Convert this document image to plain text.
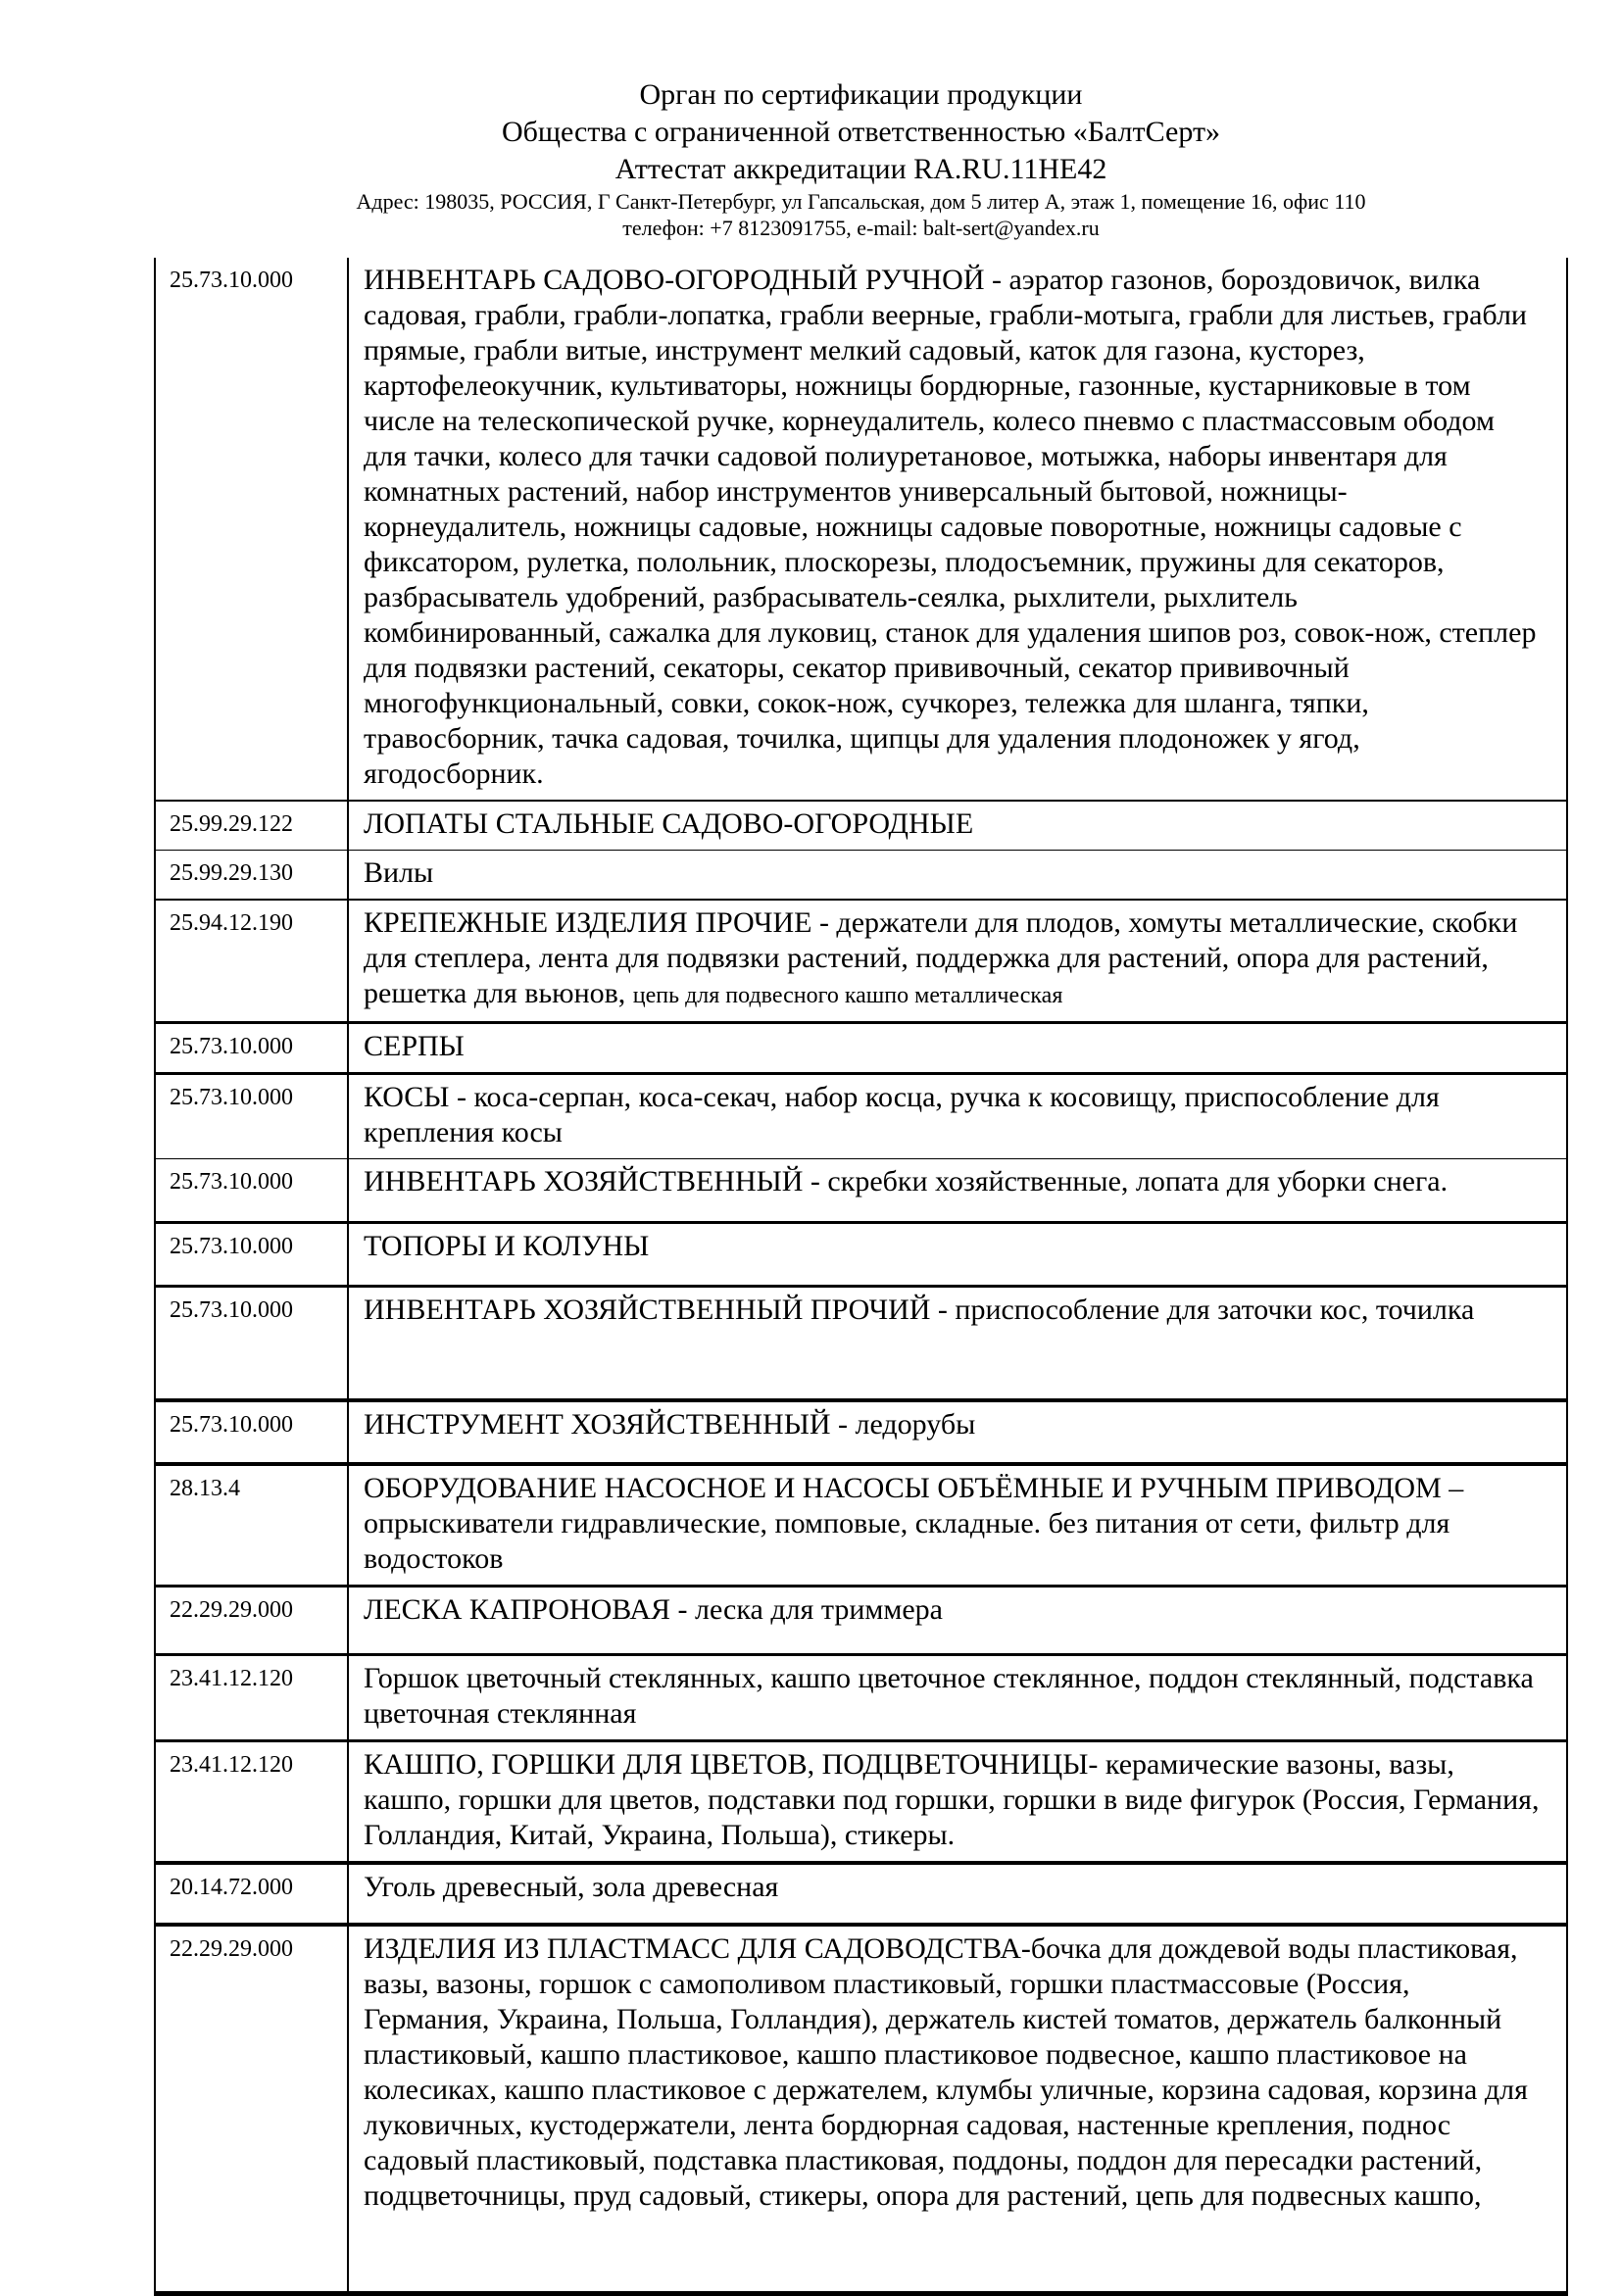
Орган по сертификации продукции
Общества с ограниченной ответственностью «БалтСерт»
Аттестат аккредитации RA.RU.11HE42
Адрес: 198035, РОССИЯ, Г Санкт-Петербург, ул Гапсальская, дом 5 литер А, этаж 1, помещение 16, офис 110
телефон: +7 8123091755, e-mail: balt-sert@yandex.ru
25.73.10.000	ИНВЕНТАРЬ САДОВО-ОГОРОДНЫЙ РУЧНОЙ - аэратор газонов, бороздовичок, вилка садовая, грабли, грабли-лопатка, грабли веерные, грабли-мотыга, грабли для листьев, грабли прямые, грабли витые, инструмент мелкий садовый, каток для газона, кусторез, картофелеокучник, культиваторы, ножницы бордюрные, газонные, кустарниковые в том числе на телескопической ручке, корнеудалитель, колесо пневмо с пластмассовым ободом для тачки, колесо для тачки садовой полиуретановое, мотыжка, наборы инвентаря для комнатных растений, набор инструментов универсальный бытовой, ножницы-корнеудалитель, ножницы садовые, ножницы садовые поворотные, ножницы садовые с фиксатором, рулетка, полольник, плоскорезы, плодосъемник, пружины для секаторов, разбрасыватель удобрений, разбрасыватель-сеялка, рыхлители, рыхлитель комбинированный, сажалка для луковиц, станок для удаления шипов роз, совок-нож, степлер для подвязки растений, секаторы, секатор прививочный, секатор прививочный многофункциональный, совки, сокок-нож, сучкорез, тележка для шланга, тяпки, травосборник, тачка садовая, точилка, щипцы для удаления плодоножек у ягод, ягодосборник.
25.99.29.122	ЛОПАТЫ СТАЛЬНЫЕ САДОВО-ОГОРОДНЫЕ
25.99.29.130	Вилы
25.94.12.190	КРЕПЕЖНЫЕ ИЗДЕЛИЯ ПРОЧИЕ - держатели для плодов, хомуты металлические, скобки для степлера, лента для подвязки растений, поддержка для растений, опора для растений, решетка для вьюнов, цепь для подвесного кашпо металлическая
25.73.10.000	СЕРПЫ
25.73.10.000	КОСЫ - коса-серпан, коса-секач, набор косца, ручка к косовищу, приспособление для крепления косы
25.73.10.000	ИНВЕНТАРЬ ХОЗЯЙСТВЕННЫЙ - скребки хозяйственные, лопата для уборки снега.
25.73.10.000	ТОПОРЫ И КОЛУНЫ
25.73.10.000	ИНВЕНТАРЬ ХОЗЯЙСТВЕННЫЙ ПРОЧИЙ - приспособление для заточки кос, точилка
25.73.10.000	ИНСТРУМЕНТ ХОЗЯЙСТВЕННЫЙ - ледорубы
28.13.4	ОБОРУДОВАНИЕ НАСОСНОЕ И НАСОСЫ ОБЪЁМНЫЕ И РУЧНЫМ ПРИВОДОМ – опрыскиватели гидравлические, помповые, складные. без питания от сети, фильтр для водостоков
22.29.29.000	ЛЕСКА КАПРОНОВАЯ - леска для триммера
23.41.12.120	Горшок цветочный стеклянных, кашпо цветочное стеклянное, поддон стеклянный, подставка цветочная стеклянная
23.41.12.120	КАШПО, ГОРШКИ ДЛЯ ЦВЕТОВ, ПОДЦВЕТОЧНИЦЫ- керамические вазоны, вазы, кашпо, горшки для цветов, подставки под горшки, горшки в виде фигурок (Россия, Германия, Голландия, Китай, Украина, Польша), стикеры.
20.14.72.000	Уголь древесный, зола древесная
22.29.29.000	ИЗДЕЛИЯ ИЗ ПЛАСТМАСС ДЛЯ САДОВОДСТВА-бочка для дождевой воды пластиковая, вазы, вазоны, горшок с самополивом пластиковый, горшки пластмассовые (Россия, Германия, Украина, Польша, Голландия), держатель кистей томатов, держатель балконный пластиковый, кашпо пластиковое, кашпо пластиковое подвесное, кашпо пластиковое на колесиках, кашпо пластиковое с держателем, клумбы уличные, корзина садовая, корзина для луковичных, кустодержатели, лента бордюрная садовая, настенные крепления, поднос садовый пластиковый, подставка пластиковая, поддоны, поддон для пересадки растений, подцветочницы, пруд садовый, стикеры, опора для растений, цепь для подвесных кашпо,
